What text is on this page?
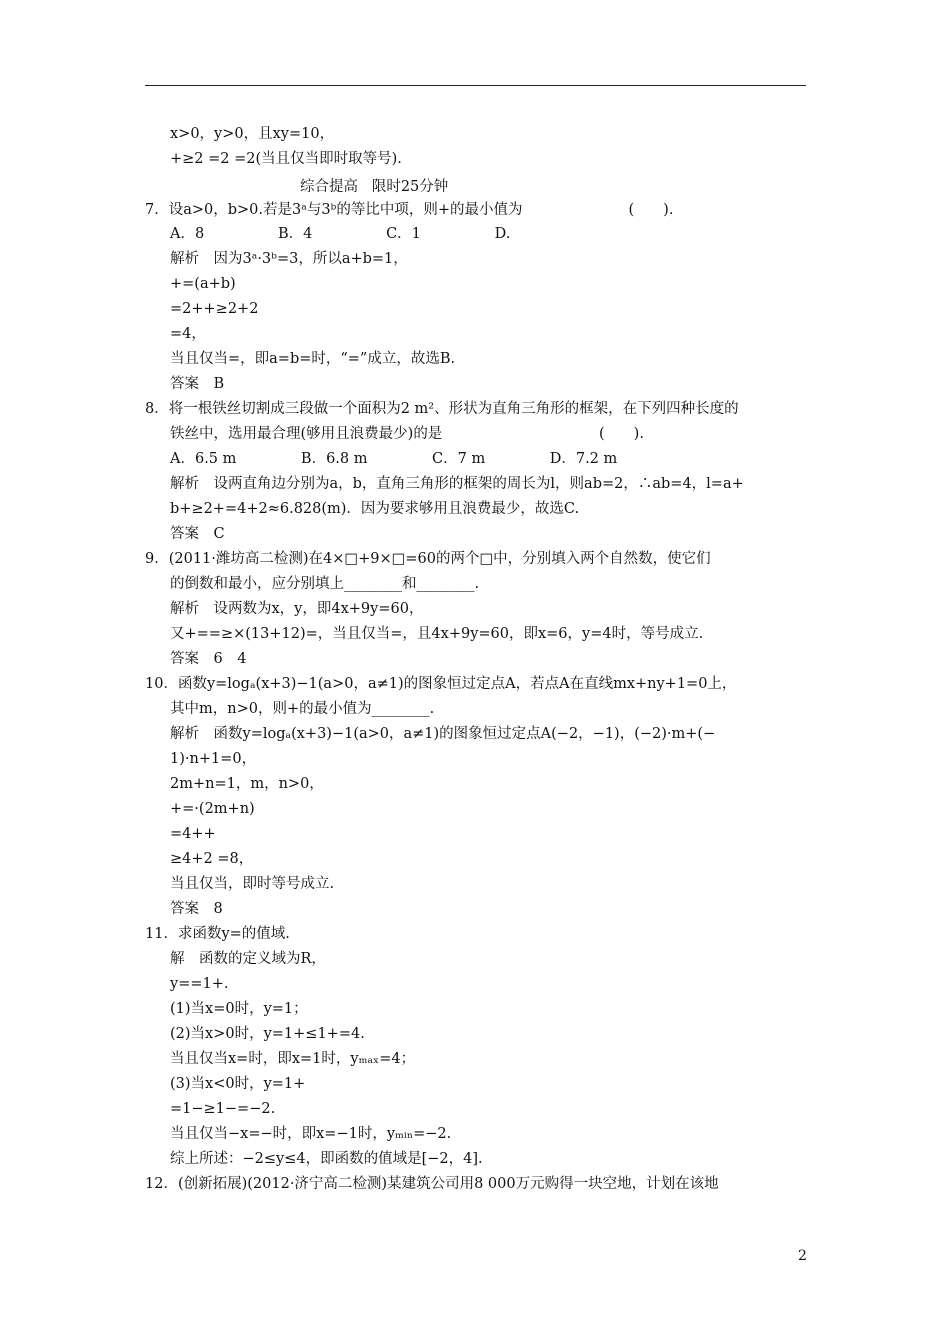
x>0，y>0，且xy=10，
+≥2 =2 =2(当且仅当即时取等号).
综合提高   限时25分钟
7．设a>0，b>0.若是3ᵃ与3ᵇ的等比中项，则+的最小值为                       (　　).
A．8                B．4                C．1                D.
解析　因为3ᵃ·3ᵇ=3，所以a+b=1，
+=(a+b)
=2++≥2+2
=4，
当且仅当=，即a=b=时，“=”成立，故选B.
答案　B
8．将一根铁丝切割成三段做一个面积为2 m²、形状为直角三角形的框架，在下列四种长度的
铁丝中，选用最合理(够用且浪费最少)的是                                  (　　).
A．6.5 m              B．6.8 m              C．7 m              D．7.2 m
解析　设两直角边分别为a，b，直角三角形的框架的周长为l，则ab=2，∴ab=4，l=a+
b+≥2+=4+2≈6.828(m)．因为要求够用且浪费最少，故选C.
答案　C
9．(2011·潍坊高二检测)在4×□+9×□=60的两个□中，分别填入两个自然数，使它们
的倒数和最小，应分别填上________和________.
解析　设两数为x，y，即4x+9y=60，
又+==≥×(13+12)=，当且仅当=，且4x+9y=60，即x=6，y=4时，等号成立.
答案　6　4
10．函数y=logₐ(x+3)−1(a>0，a≠1)的图象恒过定点A，若点A在直线mx+ny+1=0上，
其中m，n>0，则+的最小值为________.
解析　函数y=logₐ(x+3)−1(a>0，a≠1)的图象恒过定点A(−2，−1)，(−2)·m+(−
1)·n+1=0，
2m+n=1，m，n>0，
+=·(2m+n)
=4++
≥4+2 =8，
当且仅当，即时等号成立.
答案　8
11．求函数y=的值域.
解　函数的定义域为R，
y==1+.
(1)当x=0时，y=1；
(2)当x>0时，y=1+≤1+=4.
当且仅当x=时，即x=1时，yₘₐₓ=4；
(3)当x<0时，y=1+
=1−≥1−=−2.
当且仅当−x=−时，即x=−1时，yₘᵢₙ=−2.
综上所述：−2≤y≤4，即函数的值域是[−2，4].
12．(创新拓展)(2012·济宁高二检测)某建筑公司用8 000万元购得一块空地，计划在该地
2
